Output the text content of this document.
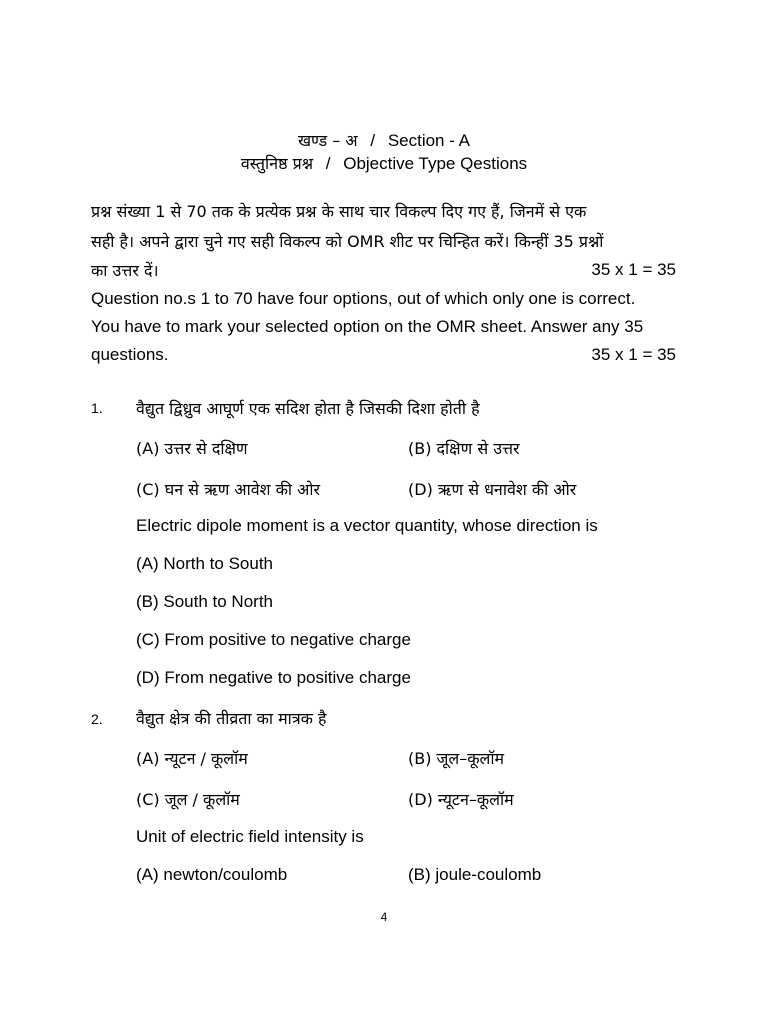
खण्ड – अ / Section - A
वस्तुनिष्ठ प्रश्न / Objective Type Qestions
प्रश्न संख्या 1 से 70 तक के प्रत्येक प्रश्न के साथ चार विकल्प दिए गए हैं, जिनमें से एक
सही है। अपने द्वारा चुने गए सही विकल्प को OMR शीट पर चिन्हित करें। किन्हीं 35 प्रश्नों
का उत्तर दें।	35 x 1 = 35
Question no.s 1 to 70 have four options, out of which only one is correct.
You have to mark your selected option on the OMR sheet. Answer any 35
questions.	35 x 1 = 35
1. वैद्युत द्विध्रुव आघूर्ण एक सदिश होता है जिसकी दिशा होती है
(A) उत्तर से दक्षिण	(B) दक्षिण से उत्तर
(C) घन से ऋण आवेश की ओर	(D) ऋण से धनावेश की ओर
Electric dipole moment is a vector quantity, whose direction is
(A) North to South
(B) South to North
(C) From positive to negative charge
(D) From negative to positive charge
2. वैद्युत क्षेत्र की तीव्रता का मात्रक है
(A) न्यूटन / कूलॉम	(B) जूल–कूलॉम
(C) जूल / कूलॉम	(D) न्यूटन–कूलॉम
Unit of electric field intensity is
(A) newton/coulomb	(B) joule-coulomb
4
